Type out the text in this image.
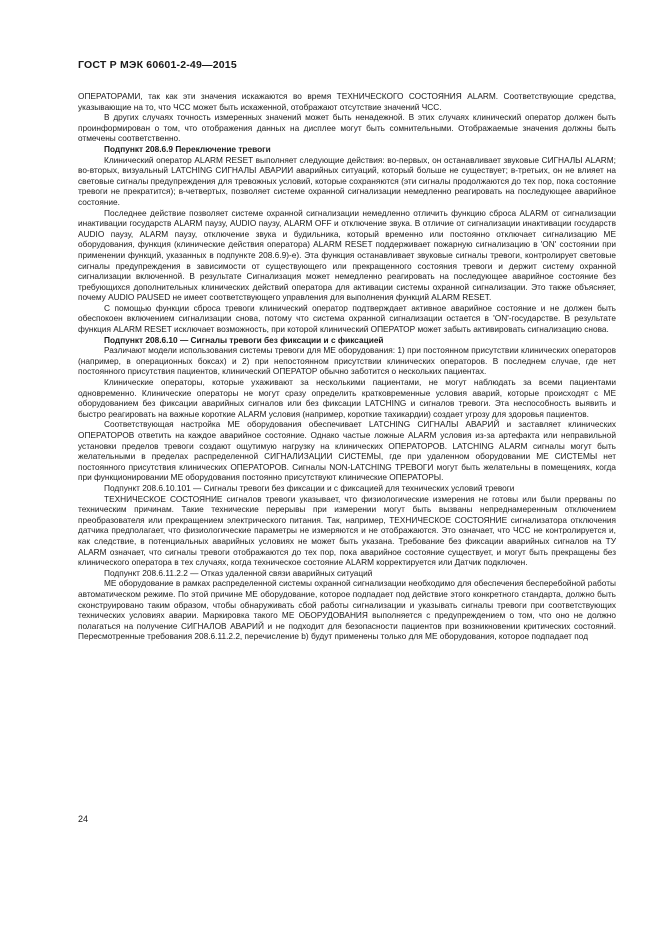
ГОСТ Р МЭК 60601-2-49—2015

ОПЕРАТОРАМИ, так как эти значения искажаются во время ТЕХНИЧЕСКОГО СОСТОЯНИЯ ALARM. Соответствующие средства, указывающие на то, что ЧСС может быть искаженной, отображают отсутствие значений ЧСС.

В других случаях точность измеренных значений может быть ненадежной. В этих случаях клинический оператор должен быть проинформирован о том, что отображения данных на дисплее могут быть сомнительными. Отображаемые значения должны быть отмечены соответственно.

Подпункт 208.6.9 Переключение тревоги

Клинический оператор ALARM RESET выполняет следующие действия: во-первых, он останавливает звуковые СИГНАЛЫ ALARM; во-вторых, визуальный LATCHING СИГНАЛЫ АВАРИИ аварийных ситуаций, который больше не существует; в-третьих, он не влияет на световые сигналы предупреждения для тревожных условий, которые сохраняются (эти сигналы продолжаются до тех пор, пока состояние тревоги не прекратится); в-четвертых, позволяет системе охранной сигнализации немедленно реагировать на последующее аварийное состояние.

Последнее действие позволяет системе охранной сигнализации немедленно отличить функцию сброса ALARM от сигнализации инактивации государств ALARM паузу, AUDIO паузу, ALARM OFF и отключение звука. В отличие от сигнализации инактивации государств AUDIO паузу, ALARM паузу, отключение звука и будильника, который временно или постоянно отключает сигнализацию МЕ оборудования, функция (клинические действия оператора) ALARM RESET поддерживает пожарную сигнализацию в 'ON' состоянии при применении функций, указанных в подпункте 208.6.9)-е). Эта функция останавливает звуковые сигналы тревоги, контролирует световые сигналы предупреждения в зависимости от существующего или прекращенного состояния тревоги и держит систему охранной сигнализации включенной. В результате Сигнализация может немедленно реагировать на последующее аварийное состояние без требующихся дополнительных клинических действий оператора для активации системы охранной сигнализации. Это также объясняет, почему AUDIO PAUSED не имеет соответствующего управления для выполнения функций ALARM RESET.

С помощью функции сброса тревоги клинический оператор подтверждает активное аварийное состояние и не должен быть обеспокоен включением сигнализации снова, потому что система охранной сигнализации остается в 'ON'-государстве. В результате функция ALARM RESET исключает возможность, при которой клинический ОПЕРАТОР может забыть активировать сигнализацию снова.

Подпункт 208.6.10 — Сигналы тревоги без фиксации и с фиксацией

Различают модели использования системы тревоги для МЕ оборудования: 1) при постоянном присутствии клинических операторов (например, в операционных боксах) и 2) при непостоянном присутствии клинических операторов. В последнем случае, где нет постоянного присутствия пациентов, клинический ОПЕРАТОР обычно заботится о нескольких пациентах.

Клинические операторы, которые ухаживают за несколькими пациентами, не могут наблюдать за всеми пациентами одновременно. Клинические операторы не могут сразу определить кратковременные условия аварий, которые происходят с МЕ оборудованием без фиксации аварийных сигналов или без фиксации LATCHING и сигналов тревоги. Эта неспособность выявить и быстро реагировать на важные короткие ALARM условия (например, короткие тахикардии) создает угрозу для здоровья пациентов.

Соответствующая настройка МЕ оборудования обеспечивает LATCHING СИГНАЛЫ АВАРИЙ и заставляет клинических ОПЕРАТОРОВ ответить на каждое аварийное состояние. Однако частые ложные ALARM условия из-за артефакта или неправильной установки пределов тревоги создают ощутимую нагрузку на клинических ОПЕРАТОРОВ. LATCHING ALARM сигналы могут быть желательными в пределах распределенной СИГНАЛИЗАЦИИ СИСТЕМЫ, где при удаленном оборудовании МЕ СИСТЕМЫ нет постоянного присутствия клинических ОПЕРАТОРОВ. Сигналы NON-LATCHING ТРЕВОГИ могут быть желательны в помещениях, когда при функционировании МЕ оборудования постоянно присутствуют клинические ОПЕРАТОРЫ.

Подпункт 208.6.10.101 — Сигналы тревоги без фиксации и с фиксацией для технических условий тревоги

ТЕХНИЧЕСКОЕ СОСТОЯНИЕ сигналов тревоги указывает, что физиологические измерения не готовы или были прерваны по техническим причинам. Такие технические перерывы при измерении могут быть вызваны непреднамеренным отключением преобразователя или прекращением электрического питания. Так, например, ТЕХНИЧЕСКОЕ СОСТОЯНИЕ сигнализатора отключения датчика предполагает, что физиологические параметры не измеряются и не отображаются. Это означает, что ЧСС не контролируется и, как следствие, в потенциальных аварийных условиях не может быть указана. Требование без фиксации аварийных сигналов на ТУ ALARM означает, что сигналы тревоги отображаются до тех пор, пока аварийное состояние существует, и могут быть прекращены без клинического оператора в тех случаях, когда техническое состояние ALARM корректируется или Датчик подключен.

Подпункт 208.6.11.2.2 — Отказ удаленной связи аварийных ситуаций

МЕ оборудование в рамках распределенной системы охранной сигнализации необходимо для обеспечения бесперебойной работы автоматическом режиме. По этой причине МЕ оборудование, которое подпадает под действие этого конкретного стандарта, должно быть сконструировано таким образом, чтобы обнаруживать сбой работы сигнализации и указывать сигналы тревоги при соответствующих технических условиях аварии. Маркировка такого МЕ ОБОРУДОВАНИЯ выполняется с предупреждением о том, что оно не должно полагаться на получение СИГНАЛОВ АВАРИЙ и не подходит для безопасности пациентов при возникновении критических состояний. Пересмотренные требования 208.6.11.2.2, перечисление b) будут применены только для МЕ оборудования, которое подпадает под

24
